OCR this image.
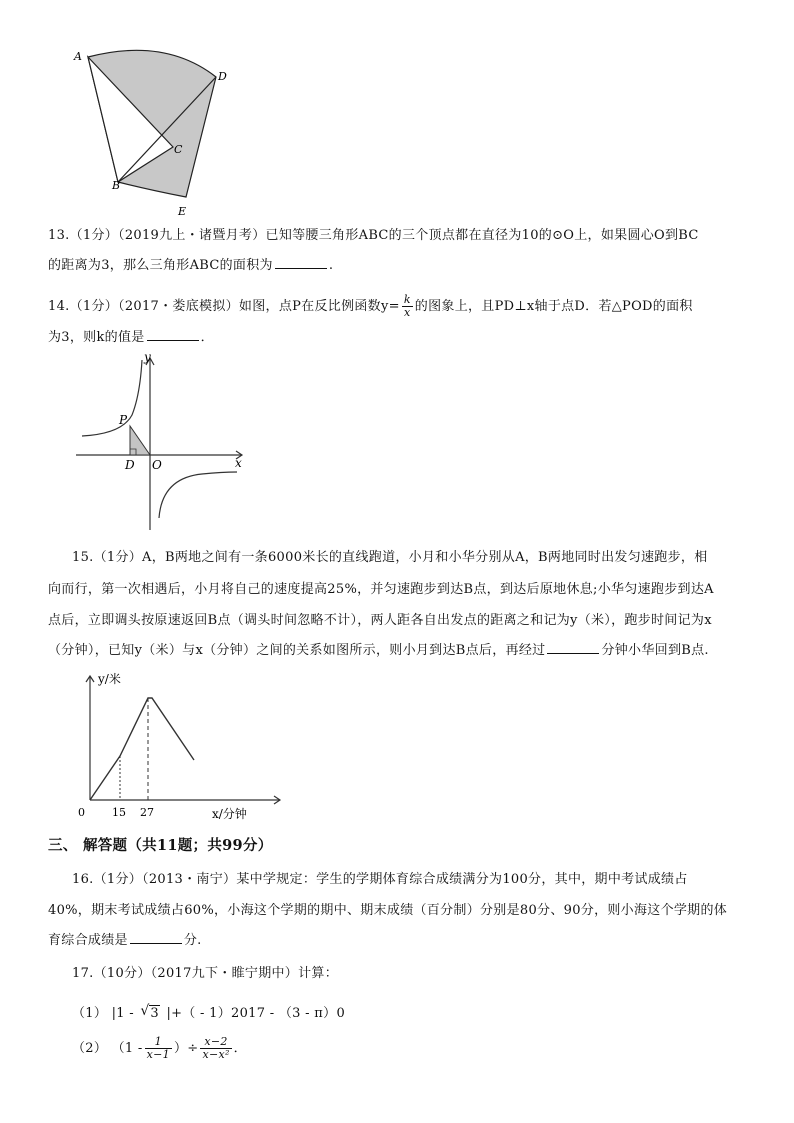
A
B
C
D
E
13.（1分）（2019九上・诸暨月考）已知等腰三角形ABC的三个顶点都在直径为10的⊙O上，如果圆心O到BC
的距离为3，那么三角形ABC的面积为	.
14.（1分）（2017・娄底模拟）如图，点P在反比例函数$y= \frac{k}{x}$ 的图象上，且PD⊥x轴于点D．若△POD的面积
为3，则k的值是	．
y
x
P
D O
15.（1分）A，B两地之间有一条6000米长的直线跑道，小月和小华分别从A，B两地同时出发匀速跑步，相
向而行，第一次相遇后，小月将自己的速度提高25%，并匀速跑步到达B点，到达后原地休息;小华匀速跑步到达A
点后，立即调头按原速返回B点（调头时间忽略不计），两人距各自出发点的距离之和记为y（米），跑步时间记为x
（分钟），已知y（米）与x（分钟）之间的关系如图所示，则小月到达B点后，再经过	分钟小华回到B点.
y/米
x/分钟
0 15 27
三、 解答题（共11题；共99分）
16.（1分）（2013・南宁）某中学规定：学生的学期体育综合成绩满分为100分，其中，期中考试成绩占
40%，期末考试成绩占60%，小海这个学期的期中、期末成绩（百分制）分别是80分、90分，则小海这个学期的体
育综合成绩是	分.
17.（10分）（2017九下・睢宁期中）计算：
（1） |1 - √ 3 |+（ - 1）2017 - （3 - π）0
（2） （$1 - \frac{1}{x-1}$ ）÷ $\frac{x-2}{\text{x−x²}}$ ．
